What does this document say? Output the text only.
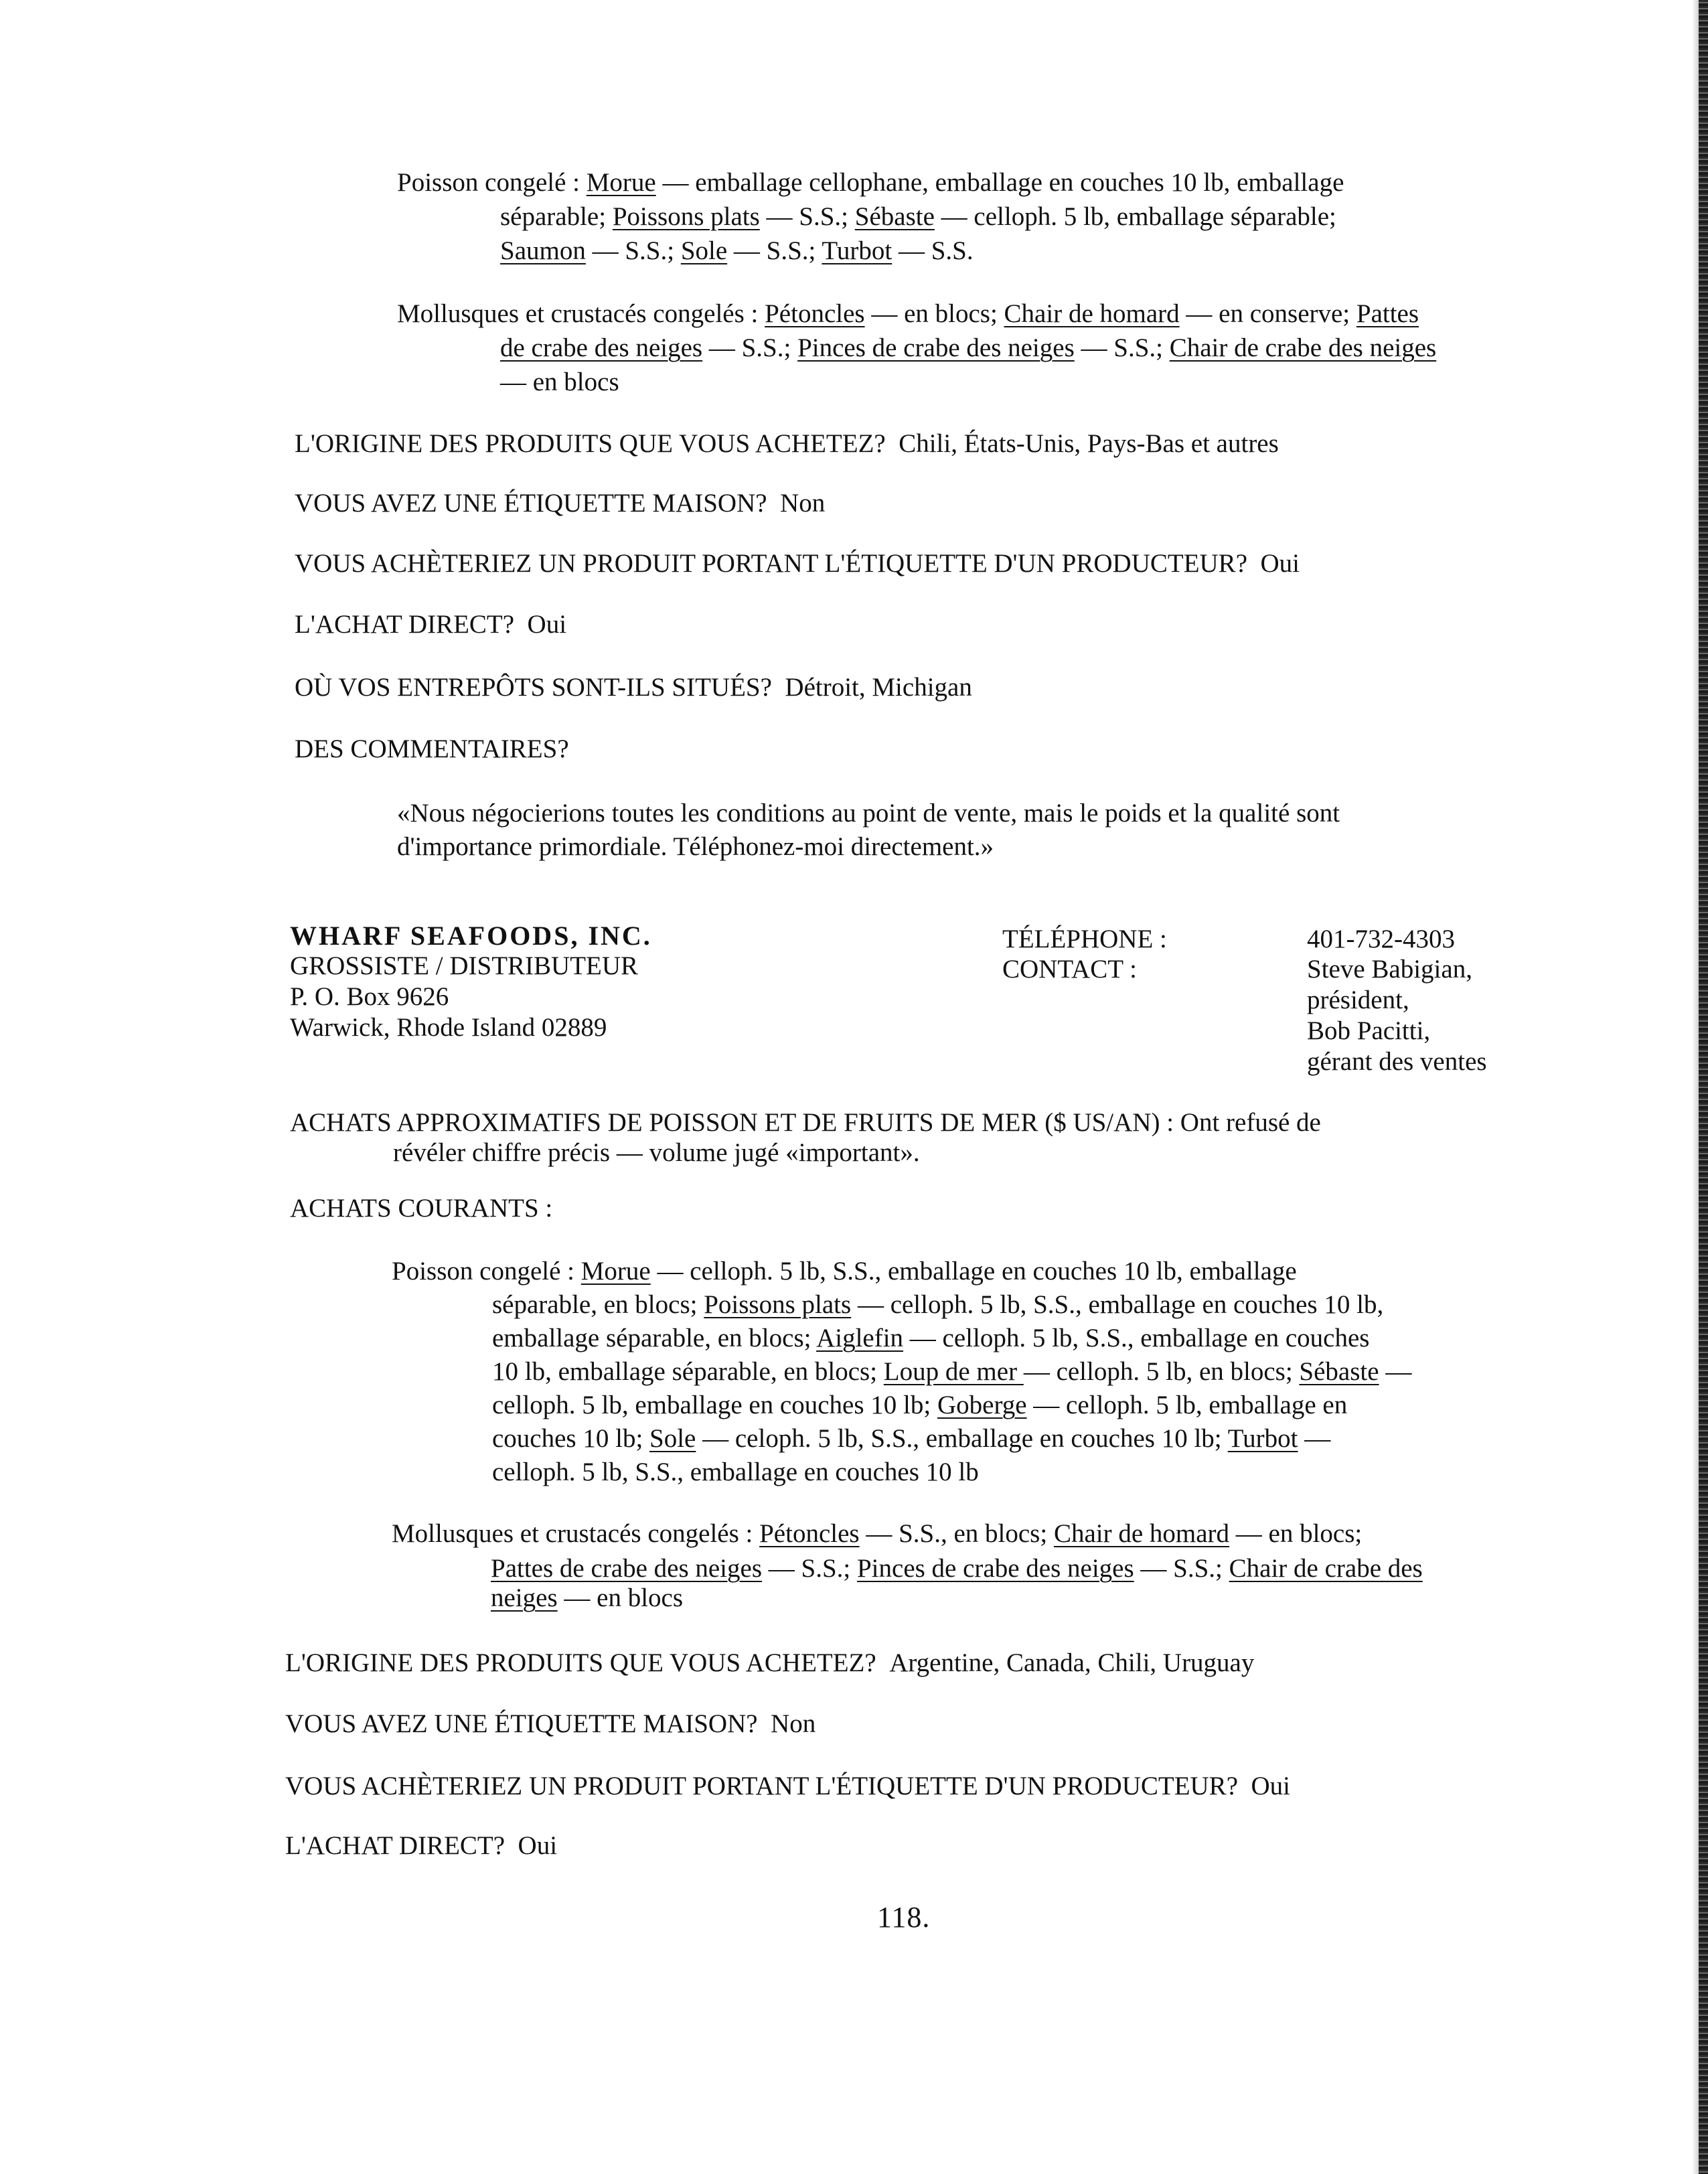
Poisson congelé : Morue — emballage cellophane, emballage en couches 10 lb, emballage
séparable; Poissons plats — S.S.; Sébaste — celloph. 5 lb, emballage séparable;
Saumon — S.S.; Sole — S.S.; Turbot — S.S.
Mollusques et crustacés congelés : Pétoncles — en blocs; Chair de homard — en conserve; Pattes
de crabe des neiges — S.S.; Pinces de crabe des neiges — S.S.; Chair de crabe des neiges
— en blocs
L'ORIGINE DES PRODUITS QUE VOUS ACHETEZ? Chili, États-Unis, Pays-Bas et autres
VOUS AVEZ UNE ÉTIQUETTE MAISON? Non
VOUS ACHÈTERIEZ UN PRODUIT PORTANT L'ÉTIQUETTE D'UN PRODUCTEUR? Oui
L'ACHAT DIRECT? Oui
OÙ VOS ENTREPÔTS SONT-ILS SITUÉS? Détroit, Michigan
DES COMMENTAIRES?
«Nous négocierions toutes les conditions au point de vente, mais le poids et la qualité sont
d'importance primordiale. Téléphonez-moi directement.»
WHARF SEAFOODS, INC.
GROSSISTE / DISTRIBUTEUR
P. O. Box 9626
Warwick, Rhode Island 02889
TÉLÉPHONE :
CONTACT :
401-732-4303
Steve Babigian,
président,
Bob Pacitti,
gérant des ventes
ACHATS APPROXIMATIFS DE POISSON ET DE FRUITS DE MER ($ US/AN) : Ont refusé de
révéler chiffre précis — volume jugé «important».
ACHATS COURANTS :
Poisson congelé : Morue — celloph. 5 lb, S.S., emballage en couches 10 lb, emballage
séparable, en blocs; Poissons plats — celloph. 5 lb, S.S., emballage en couches 10 lb,
emballage séparable, en blocs; Aiglefin — celloph. 5 lb, S.S., emballage en couches
10 lb, emballage séparable, en blocs; Loup de mer — celloph. 5 lb, en blocs; Sébaste —
celloph. 5 lb, emballage en couches 10 lb; Goberge — celloph. 5 lb, emballage en
couches 10 lb; Sole — celoph. 5 lb, S.S., emballage en couches 10 lb; Turbot —
celloph. 5 lb, S.S., emballage en couches 10 lb
Mollusques et crustacés congelés : Pétoncles — S.S., en blocs; Chair de homard — en blocs;
Pattes de crabe des neiges — S.S.; Pinces de crabe des neiges — S.S.; Chair de crabe des
neiges — en blocs
L'ORIGINE DES PRODUITS QUE VOUS ACHETEZ? Argentine, Canada, Chili, Uruguay
VOUS AVEZ UNE ÉTIQUETTE MAISON? Non
VOUS ACHÈTERIEZ UN PRODUIT PORTANT L'ÉTIQUETTE D'UN PRODUCTEUR? Oui
L'ACHAT DIRECT? Oui
118.
